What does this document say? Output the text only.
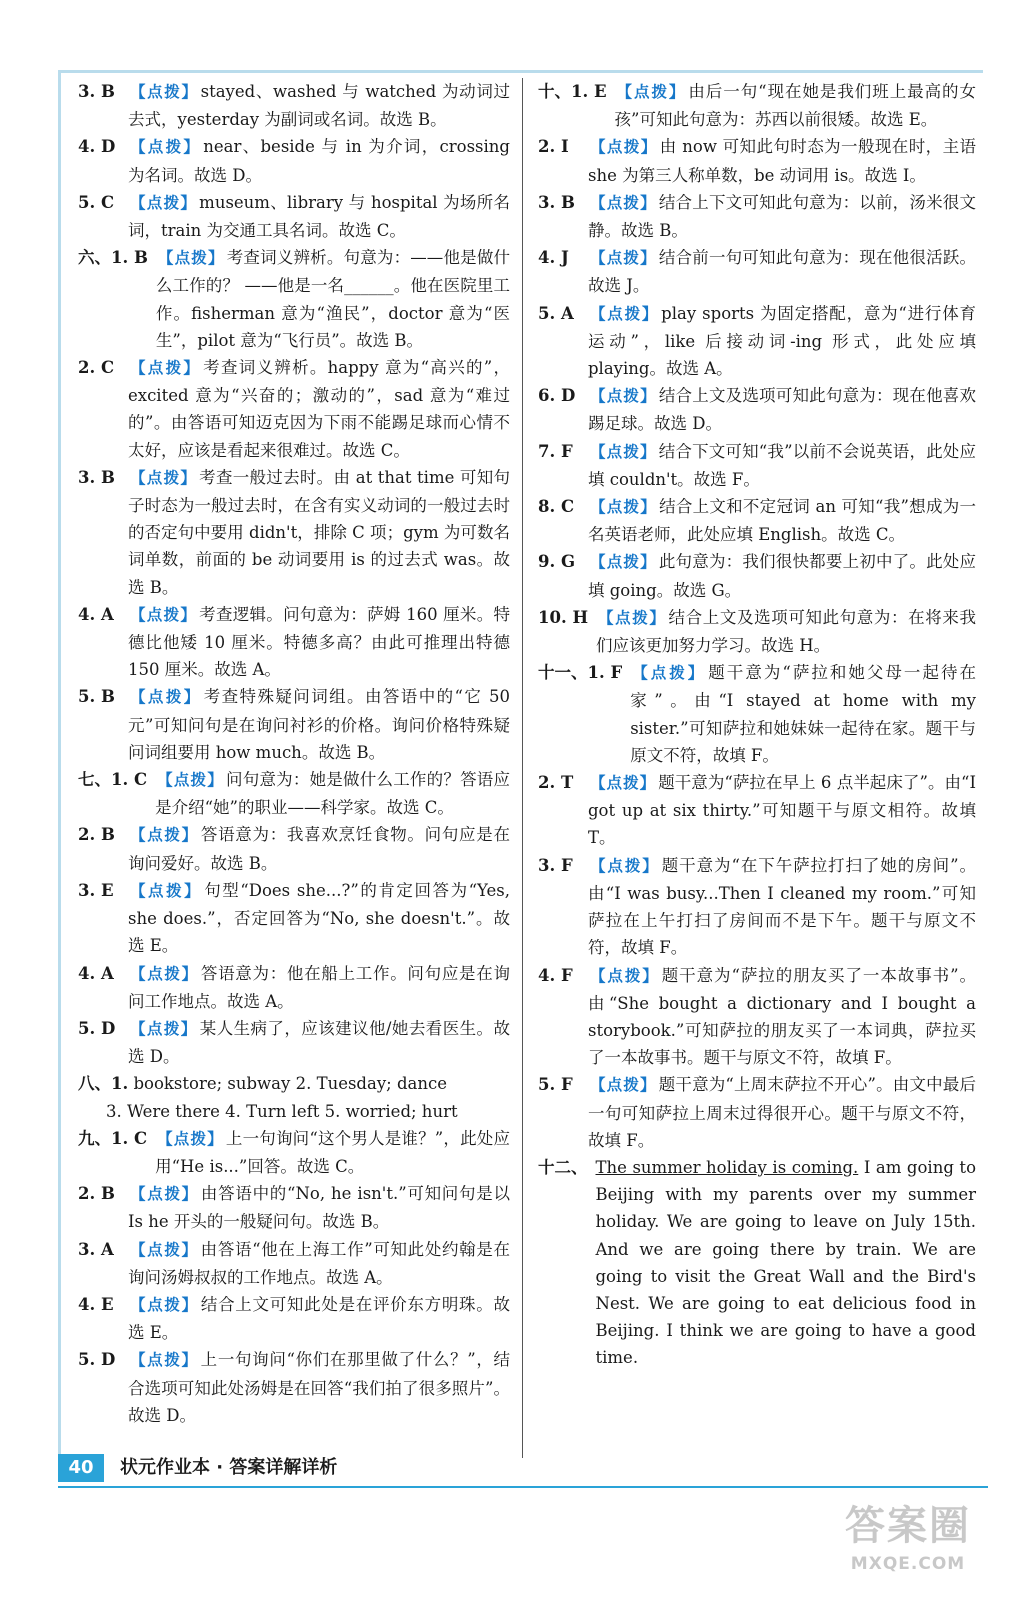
3. B 【点拨】 stayed、washed 与 watched 为动词过去式，yesterday 为副词或名词。故选 B。
4. D 【点拨】 near、beside 与 in 为介词，crossing 为名词。故选 D。
5. C	【点拨】 museum、library 与 hospital 为场所名词，train 为交通工具名词。故选 C。
六、1. B 【点拨】 考查词义辨析。句意为：——他是做什么工作的？ ——他是一名______。他在医院里工作。fisherman 意为“渔民”，doctor 意为“医生”，pilot 意为“飞行员”。故选 B。
2. C	【点拨】 考查词义辨析。happy 意为“高兴的”，excited 意为“兴奋的；激动的”，sad 意为“难过的”。由答语可知迈克因为下雨不能踢足球而心情不太好，应该是看起来很难过。故选 C。
3. B 【点拨】 考查一般过去时。由 at that time 可知句子时态为一般过去时，在含有实义动词的一般过去时的否定句中要用 didn't，排除 C 项；gym 为可数名词单数，前面的 be 动词要用 is 的过去式 was。故选 B。
4. A	【点拨】 考查逻辑。问句意为：萨姆 160 厘米。特德比他矮 10 厘米。特德多高？由此可推理出特德 150 厘米。故选 A。
5. B 【点拨】 考查特殊疑问词组。由答语中的“它 50 元”可知问句是在询问衬衫的价格。询问价格特殊疑问词组要用 how much。故选 B。
七、1. C 【点拨】 问句意为：她是做什么工作的？答语应是介绍“她”的职业——科学家。故选 C。
2. B 【点拨】 答语意为：我喜欢烹饪食物。问句应是在询问爱好。故选 B。
3. E	【点拨】 句型“Does she...?”的肯定回答为“Yes, she does.”，否定回答为“No, she doesn't.”。故选 E。
4. A	【点拨】 答语意为：他在船上工作。问句应是在询问工作地点。故选 A。
5. D 【点拨】 某人生病了，应该建议他/她去看医生。故选 D。
八、1. bookstore; subway 2. Tuesday; dance
3. Were there 4. Turn left 5. worried; hurt
九、1. C 【点拨】 上一句询问“这个男人是谁？”，此处应用“He is...”回答。故选 C。
2. B 【点拨】 由答语中的“No, he isn't.”可知问句是以 Is he 开头的一般疑问句。故选 B。
3. A	【点拨】 由答语“他在上海工作”可知此处约翰是在询问汤姆叔叔的工作地点。故选 A。
4. E	【点拨】 结合上文可知此处是在评价东方明珠。故选 E。
5. D 【点拨】 上一句询问“你们在那里做了什么？”，结合选项可知此处汤姆是在回答“我们拍了很多照片”。故选 D。
十、1. E 【点拨】 由后一句“现在她是我们班上最高的女孩”可知此句意为：苏西以前很矮。故选 E。
2. I	【点拨】 由 now 可知此句时态为一般现在时，主语 she 为第三人称单数，be 动词用 is。故选 I。
3. B 【点拨】 结合上下文可知此句意为：以前，汤米很文静。故选 B。
4. J	【点拨】 结合前一句可知此句意为：现在他很活跃。故选 J。
5. A	【点拨】 play sports 为固定搭配，意为“进行体育运动”，like 后接动词-ing 形式，此处应填 playing。故选 A。
6. D 【点拨】 结合上文及选项可知此句意为：现在他喜欢踢足球。故选 D。
7. F	【点拨】 结合下文可知“我”以前不会说英语，此处应填 couldn't。故选 F。
8. C	【点拨】 结合上文和不定冠词 an 可知“我”想成为一名英语老师，此处应填 English。故选 C。
9. G 【点拨】 此句意为：我们很快都要上初中了。此处应填 going。故选 G。
10. H 【点拨】 结合上文及选项可知此句意为：在将来我们应该更加努力学习。故选 H。
十一、1. F 【点拨】 题干意为“萨拉和她父母一起待在家”。由“I stayed at home with my sister.”可知萨拉和她妹妹一起待在家。题干与原文不符，故填 F。
2. T	【点拨】 题干意为“萨拉在早上 6 点半起床了”。由“I got up at six thirty.”可知题干与原文相符。故填 T。
3. F	【点拨】 题干意为“在下午萨拉打扫了她的房间”。由“I was busy...Then I cleaned my room.”可知萨拉在上午打扫了房间而不是下午。题干与原文不符，故填 F。
4. F	【点拨】 题干意为“萨拉的朋友买了一本故事书”。由“She bought a dictionary and I bought a storybook.”可知萨拉的朋友买了一本词典，萨拉买了一本故事书。题干与原文不符，故填 F。
5. F	【点拨】 题干意为“上周末萨拉不开心”。由文中最后一句可知萨拉上周末过得很开心。题干与原文不符，故填 F。
十二、 The summer holiday is coming. I am going to Beijing with my parents over my summer holiday. We are going to leave on July 15th. And we are going there by train. We are going to visit the Great Wall and the Bird's Nest. We are going to eat delicious food in Beijing. I think we are going to have a good time.
40	状元作业本 · 答案详解详析
答案圈
MXQE.COM
